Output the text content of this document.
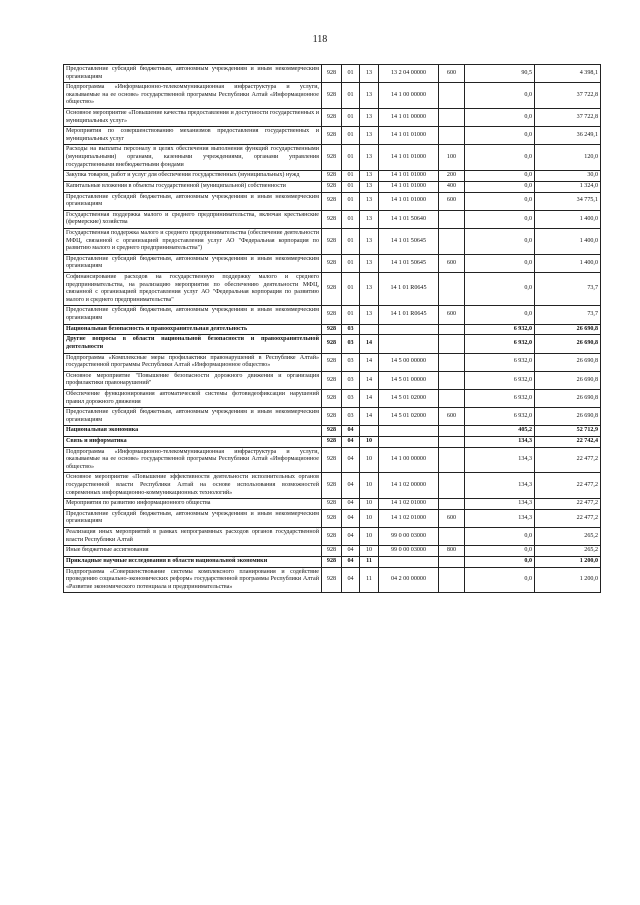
118
Предоставление субсидий бюджетным, автономным учреждениям и иным некоммерческим организациям	928	01	13	13 2 04 00000	600	90,5	4 398,1
Подпрограмма «Информационно-телекоммуникационная инфраструктура и услуги, оказываемые на ее основе» государственной программы Республики Алтай «Информационное общество»	928	01	13	14 1 00 00000		0,0	37 722,8
Основное мероприятие «Повышение качества предоставления и доступности государственных и муниципальных услуг»	928	01	13	14 1 01 00000		0,0	37 722,8
Мероприятия по совершенствованию механизмов предоставления государственных и муниципальных услуг	928	01	13	14 1 01 01000		0,0	36 249,1
Расходы на выплаты персоналу в целях обеспечения выполнения функций государственными (муниципальными) органами, казенными учреждениями, органами управления государственными внебюджетными фондами	928	01	13	14 1 01 01000	100	0,0	120,0
Закупка товаров, работ и услуг для обеспечения государственных (муниципальных) нужд	928	01	13	14 1 01 01000	200	0,0	30,0
Капитальные вложения в объекты государственной (муниципальной) собственности	928	01	13	14 1 01 01000	400	0,0	1 324,0
Предоставление субсидий бюджетным, автономным учреждениям и иным некоммерческим организациям	928	01	13	14 1 01 01000	600	0,0	34 775,1
Государственная поддержка малого и среднего предпринимательства, включая крестьянские (фермерские) хозяйства	928	01	13	14 1 01 50640		0,0	1 400,0
Государственная поддержка малого и среднего предпринимательства (обеспечение деятельности МФЦ, связанной с организацией предоставления услуг АО "Федеральная корпорация по развитию малого и среднего предпринимательства")	928	01	13	14 1 01 50645		0,0	1 400,0
Предоставление субсидий бюджетным, автономным учреждениям и иным некоммерческим организациям	928	01	13	14 1 01 50645	600	0,0	1 400,0
Софинансирование расходов на государственную поддержку малого и среднего предпринимательства, на реализацию мероприятия по обеспечению деятельности МФЦ, связанной с организацией предоставления услуг АО "Федеральная корпорация по развитию малого и среднего предпринимательства"	928	01	13	14 1 01 R0645		0,0	73,7
Предоставление субсидий бюджетным, автономным учреждениям и иным некоммерческим организациям	928	01	13	14 1 01 R0645	600	0,0	73,7
Национальная безопасность и правоохранительная деятельность	928	03				6 932,0	26 690,8
Другие вопросы в области национальной безопасности и правоохранительной деятельности	928	03	14			6 932,0	26 690,8
Подпрограмма «Комплексные меры профилактики правонарушений в Республике Алтай» государственной программы Республики Алтай «Информационное общество»	928	03	14	14 5 00 00000		6 932,0	26 690,8
Основное мероприятие "Повышение безопасности дорожного движения и организация профилактики правонарушений"	928	03	14	14 5 01 00000		6 932,0	26 690,8
Обеспечение функционирования автоматической системы фотовидеофиксации нарушений правил дорожного движения	928	03	14	14 5 01 02000		6 932,0	26 690,8
Предоставление субсидий бюджетным, автономным учреждениям и иным некоммерческим организациям	928	03	14	14 5 01 02000	600	6 932,0	26 690,8
Национальная экономика	928	04				405,2	52 712,9
Связь и информатика	928	04	10			134,3	22 742,4
Подпрограмма «Информационно-телекоммуникационная инфраструктура и услуги, оказываемые на ее основе» государственной программы Республики Алтай «Информационное общество»	928	04	10	14 1 00 00000		134,3	22 477,2
Основное мероприятие «Повышение эффективности деятельности исполнительных органов государственной власти Республики Алтай на основе использования возможностей современных информационно-коммуникационных технологий»	928	04	10	14 1 02 00000		134,3	22 477,2
Мероприятия по развитию информационного общества	928	04	10	14 1 02 01000		134,3	22 477,2
Предоставление субсидий бюджетным, автономным учреждениям и иным некоммерческим организациям	928	04	10	14 1 02 01000	600	134,3	22 477,2
Реализация иных мероприятий в рамках непрограммных расходов органов государственной власти Республики Алтай	928	04	10	99 0 00 03000		0,0	265,2
Иные бюджетные ассигнования	928	04	10	99 0 00 03000	800	0,0	265,2
Прикладные научные исследования в области национальной экономики	928	04	11			0,0	1 200,0
Подпрограмма «Совершенствование системы комплексного планирования и содействие проведению социально-экономических реформ» государственной программы Республики Алтай «Развитие экономического потенциала и предпринимательства»	928	04	11	04 2 00 00000		0,0	1 200,0
